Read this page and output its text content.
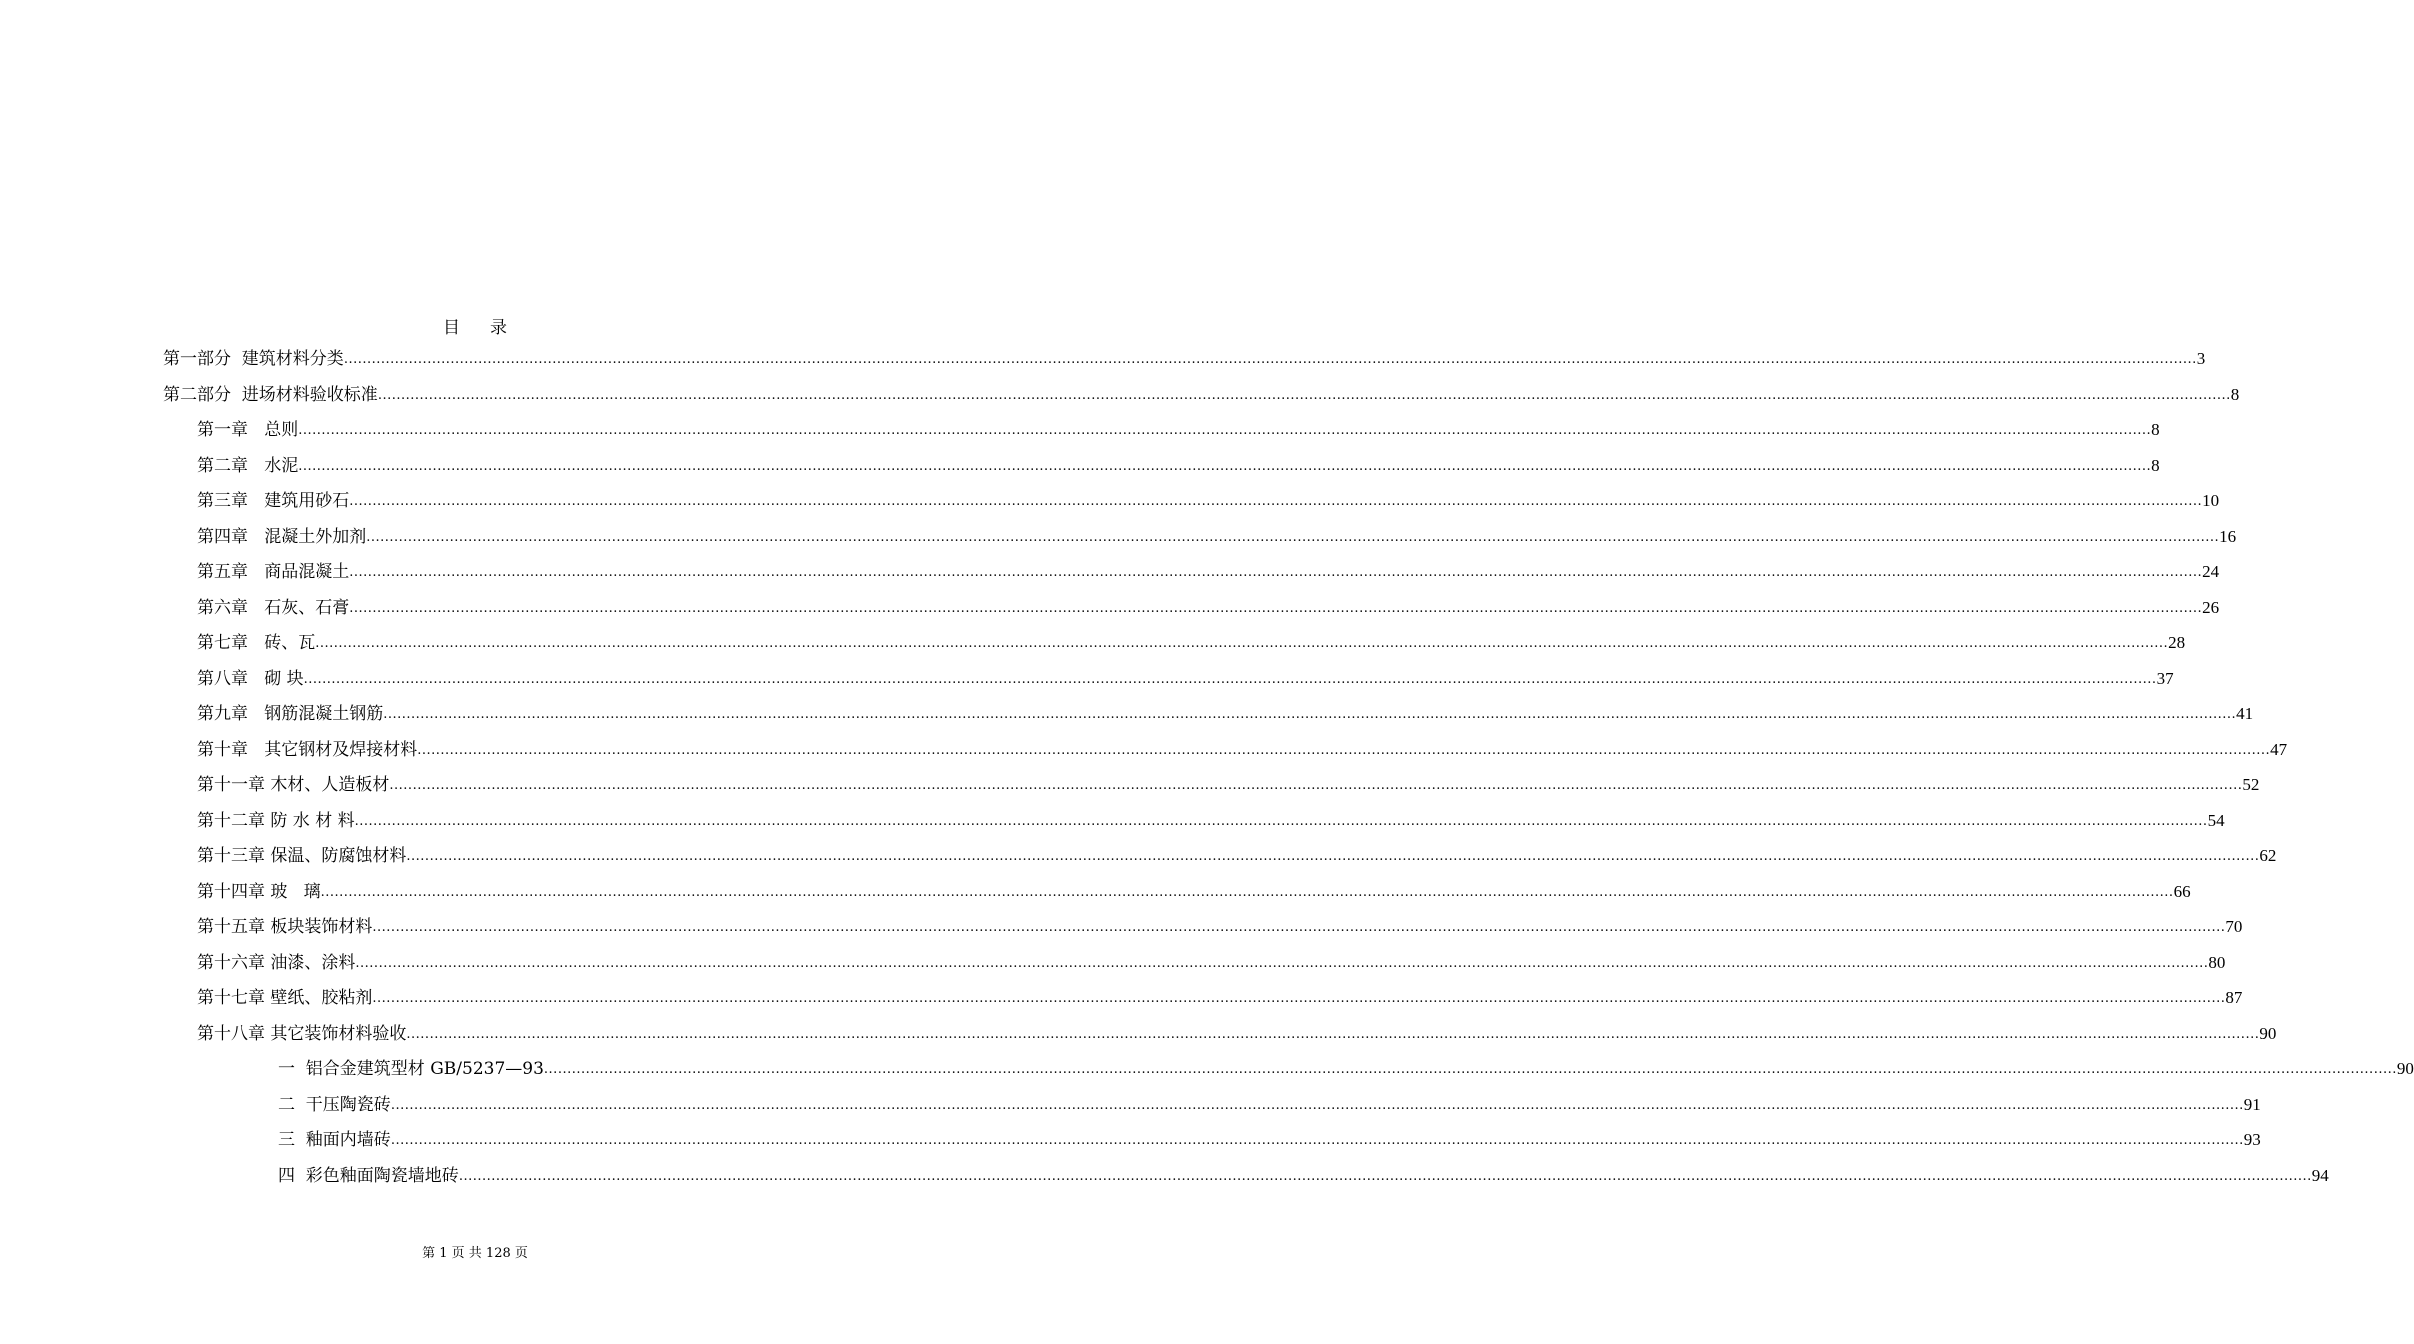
目录
第一部分  建筑材料分类 ................................................................................................................................................................................................................................................................................................................................................................................................................ 3
第二部分  进场材料验收标准 ................................................................................................................................................................................................................................................................................................................................................................................................................ 8
第一章   总则 ................................................................................................................................................................................................................................................................................................................................................................................................................ 8
第二章   水泥 ................................................................................................................................................................................................................................................................................................................................................................................................................ 8
第三章   建筑用砂石 ................................................................................................................................................................................................................................................................................................................................................................................................................ 10
第四章   混凝土外加剂 ................................................................................................................................................................................................................................................................................................................................................................................................................ 16
第五章   商品混凝土 ................................................................................................................................................................................................................................................................................................................................................................................................................ 24
第六章   石灰、石膏 ................................................................................................................................................................................................................................................................................................................................................................................................................ 26
第七章   砖、瓦 ................................................................................................................................................................................................................................................................................................................................................................................................................ 28
第八章   砌 块 ................................................................................................................................................................................................................................................................................................................................................................................................................ 37
第九章   钢筋混凝土钢筋 ................................................................................................................................................................................................................................................................................................................................................................................................................ 41
第十章   其它钢材及焊接材料 ................................................................................................................................................................................................................................................................................................................................................................................................................ 47
第十一章 木材、人造板材 ................................................................................................................................................................................................................................................................................................................................................................................................................ 52
第十二章 防 水 材 料 ................................................................................................................................................................................................................................................................................................................................................................................................................ 54
第十三章 保温、防腐蚀材料 ................................................................................................................................................................................................................................................................................................................................................................................................................ 62
第十四章 玻   璃 ................................................................................................................................................................................................................................................................................................................................................................................................................ 66
第十五章 板块装饰材料 ................................................................................................................................................................................................................................................................................................................................................................................................................ 70
第十六章 油漆、涂料 ................................................................................................................................................................................................................................................................................................................................................................................................................ 80
第十七章 壁纸、胶粘剂 ................................................................................................................................................................................................................................................................................................................................................................................................................ 87
第十八章 其它装饰材料验收 ................................................................................................................................................................................................................................................................................................................................................................................................................ 90
一  铝合金建筑型材 GB/5237—93 ................................................................................................................................................................................................................................................................................................................................................................................................................ 90
二  干压陶瓷砖 ................................................................................................................................................................................................................................................................................................................................................................................................................ 91
三  釉面内墙砖 ................................................................................................................................................................................................................................................................................................................................................................................................................ 93
四  彩色釉面陶瓷墙地砖 ................................................................................................................................................................................................................................................................................................................................................................................................................ 94
第 1 页 共 128 页
